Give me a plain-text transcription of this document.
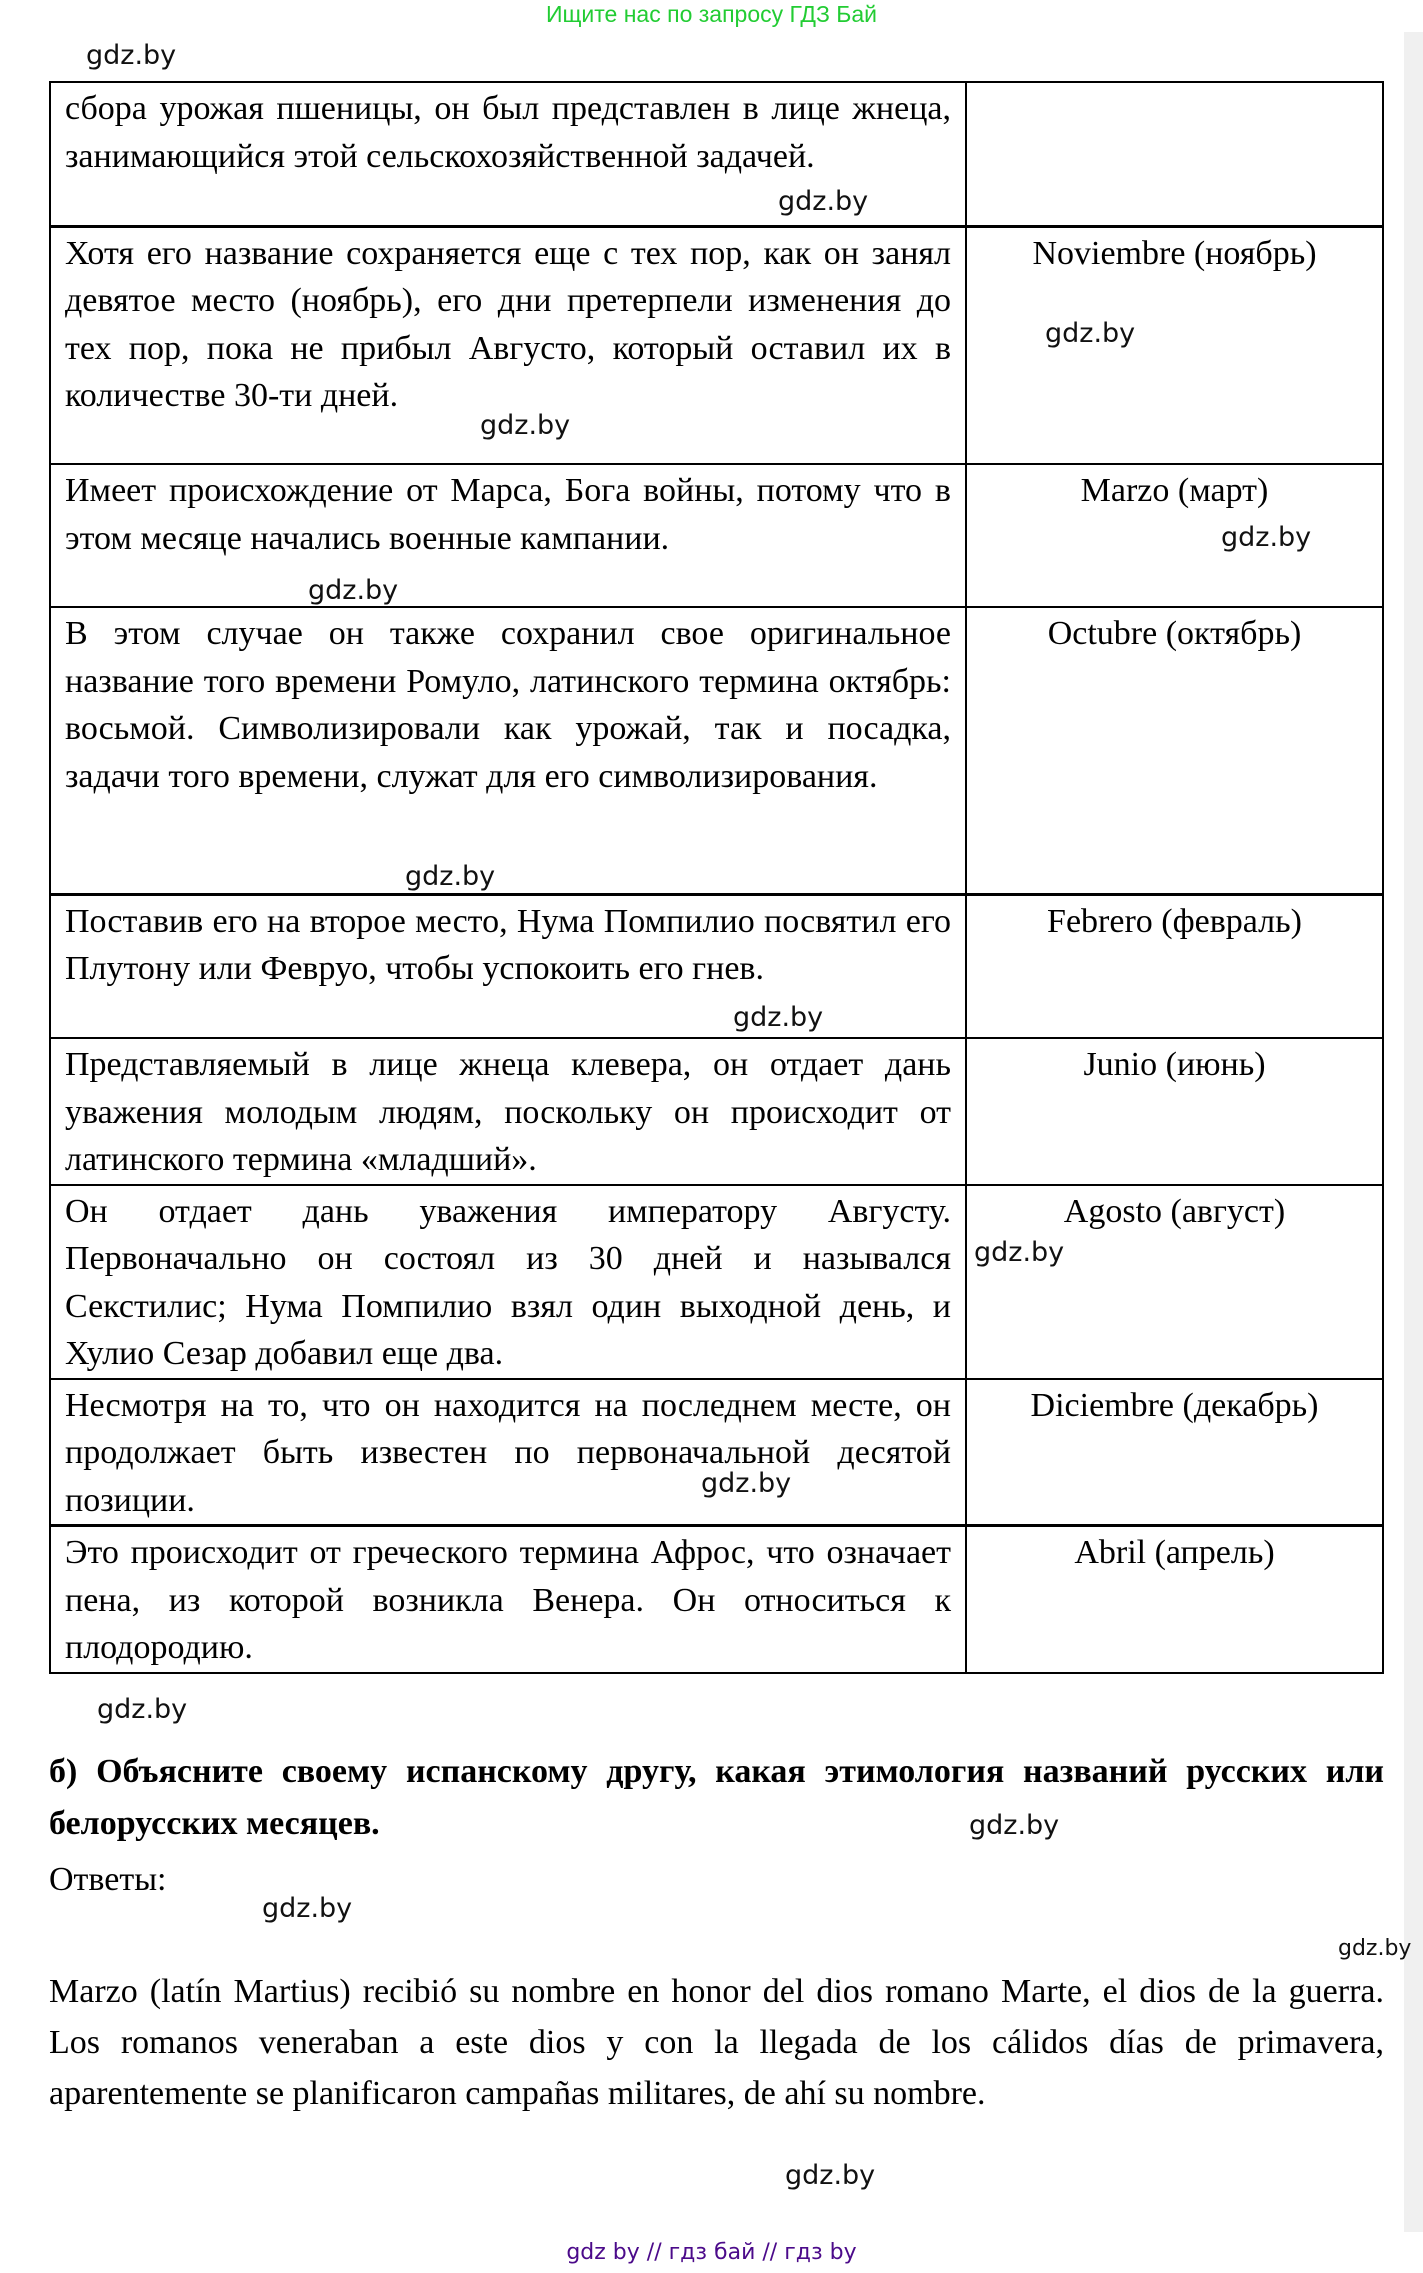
Ищите нас по запросу ГДЗ Бай
gdz.by
сбора урожая пшеницы, он был представлен в лице жнеца, занимающийся этой сельскохозяйственной задачей.	
Хотя его название сохраняется еще с тех пор, как он занял девятое место (ноябрь), его дни претерпели изменения до тех пор, пока не прибыл Августо, который оставил их в количестве 30-ти дней.	Noviembre (ноябрь)
Имеет происхождение от Марса, Бога войны, потому что в этом месяце начались военные кампании.	Marzo (март)
В этом случае он также сохранил свое оригинальное название того времени Ромуло, латинского термина октябрь: восьмой. Символизировали как урожай, так и посадка, задачи того времени, служат для его символизирования.	Octubre (октябрь)
Поставив его на второе место, Нума Помпилио посвятил его Плутону или Февруо, чтобы успокоить его гнев.	Febrero (февраль)
Представляемый в лице жнеца клевера, он отдает дань уважения молодым людям, поскольку он происходит от латинского термина «младший».	Junio (июнь)
Он отдает дань уважения императору Августу. Первоначально он состоял из 30 дней и назывался Секстилис; Нума Помпилио взял один выходной день, и Хулио Сезар добавил еще два.	Agosto (август)
Несмотря на то, что он находится на последнем месте, он продолжает быть известен по первоначальной десятой позиции.	Diciembre (декабрь)
Это происходит от греческого термина Афрос, что означает пена, из которой возникла Венера. Он относиться к плодородию.	Abril (апрель)
gdz.by
gdz.by
gdz.by
gdz.by
gdz.by
gdz.by
gdz.by
gdz.by
gdz.by
gdz.by
б) Объясните своему испанскому другу, какая этимология названий русских или белорусских месяцев.	gdz.by
Ответы:
gdz.by
gdz.by
Marzo (latín Martius) recibió su nombre en honor del dios romano Marte, el dios de la guerra. Los romanos veneraban a este dios y con la llegada de los cálidos días de primavera, aparentemente se planificaron campañas militares, de ahí su nombre.
gdz.by
gdz by // гдз бай // гдз by
